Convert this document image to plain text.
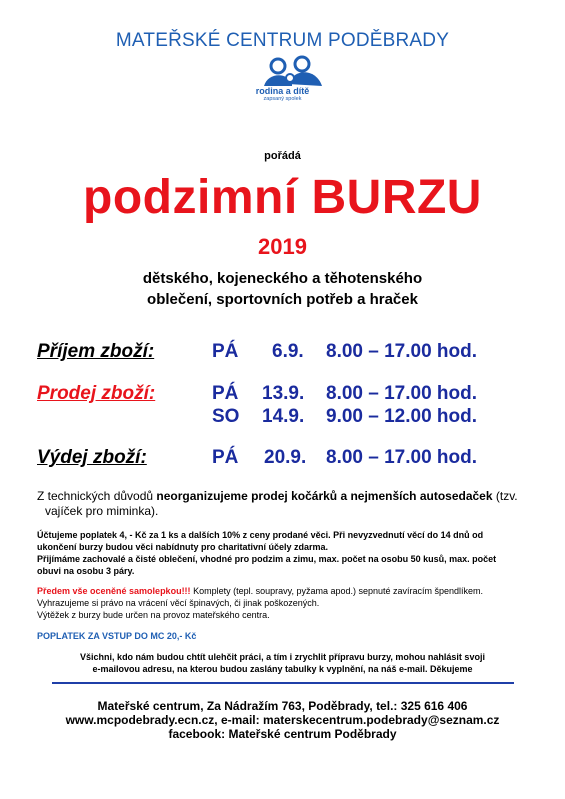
MATEŘSKÉ CENTRUM PODĚBRADY
rodina a dítě
zapsaný spolek
pořádá
podzimní BURZU
2019
dětského, kojeneckého a těhotenského
oblečení, sportovních potřeb a hraček
Příjem zboží:	PÁ 6.9. 8.00 – 17.00 hod.
Prodej zboží:	PÁ 13.9. 8.00 – 17.00 hod.
SO 14.9. 9.00 – 12.00 hod.
Výdej zboží:	PÁ 20.9. 8.00 – 17.00 hod.
Z technických důvodů neorganizujeme prodej kočárků a nejmenších autosedaček (tzv.
vajíček pro miminka).
Účtujeme poplatek 4, - Kč za 1 ks a dalších 10% z ceny prodané věci. Při nevyzvednutí věcí do 14 dnů od
ukončení burzy budou věci nabídnuty pro charitativní účely zdarma.
Přijímáme zachovalé a čisté oblečení, vhodné pro podzim a zimu, max. počet na osobu 50 kusů, max. počet
obuvi na osobu 3 páry.
Předem vše oceněné samolepkou!!! Komplety (tepl. soupravy, pyžama apod.) sepnuté zavíracím špendlíkem.
Vyhrazujeme si právo na vrácení věcí špinavých, či jinak poškozených.
Výtěžek z burzy bude určen na provoz mateřského centra.
POPLATEK ZA VSTUP DO MC 20,- Kč
Všichni, kdo nám budou chtít ulehčit práci, a tím i zrychlit přípravu burzy, mohou nahlásit svoji
e-mailovou adresu, na kterou budou zaslány tabulky k vyplnění, na náš e-mail. Děkujeme
Mateřské centrum, Za Nádražím 763, Poděbrady, tel.: 325 616 406
www.mcpodebrady.ecn.cz, e-mail: materskecentrum.podebrady@seznam.cz
facebook: Mateřské centrum Poděbrady
